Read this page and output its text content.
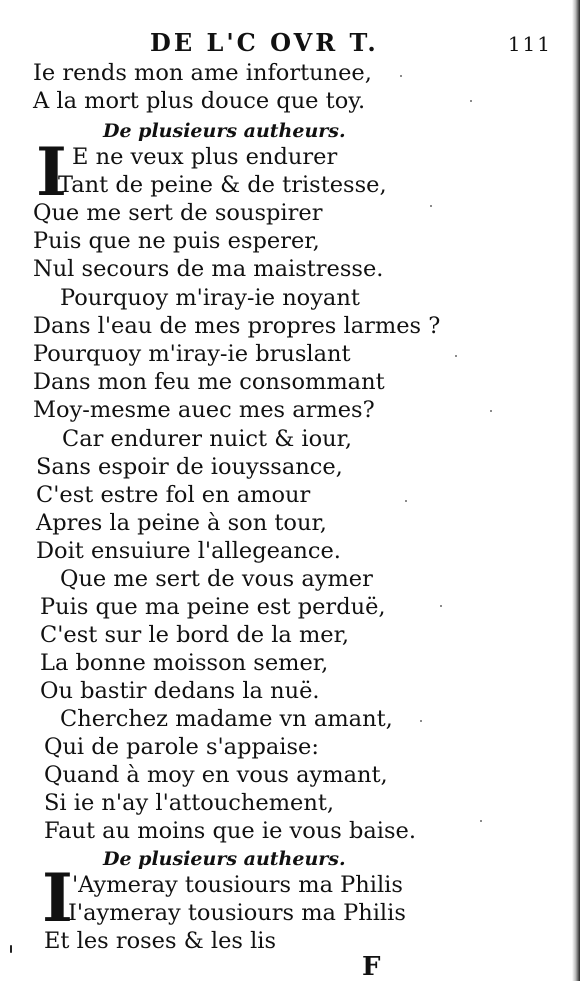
DE L'C OVR T.	111
Ie rends mon ame infortunee,
A la mort plus douce que toy.
De plusieurs autheurs.
I E ne veux plus endurer
Tant de peine & de tristesse,
Que me sert de souspirer
Puis que ne puis esperer,
Nul secours de ma maistresse.
Pourquoy m'iray-ie noyant
Dans l'eau de mes propres larmes ?
Pourquoy m'iray-ie bruslant
Dans mon feu me consommant
Moy-mesme auec mes armes?
Car endurer nuict & iour,
Sans espoir de iouyssance,
C'est estre fol en amour
Apres la peine à son tour,
Doit ensuiure l'allegeance.
Que me sert de vous aymer
Puis que ma peine est perduë,
C'est sur le bord de la mer,
La bonne moisson semer,
Ou bastir dedans la nuë.
Cherchez madame vn amant,
Qui de parole s'appaise:
Quand à moy en vous aymant,
Si ie n'ay l'attouchement,
Faut au moins que ie vous baise.
De plusieurs autheurs.
I 'Aymeray tousiours ma Philis
I'aymeray tousiours ma Philis
Et les roses & les lis
F
